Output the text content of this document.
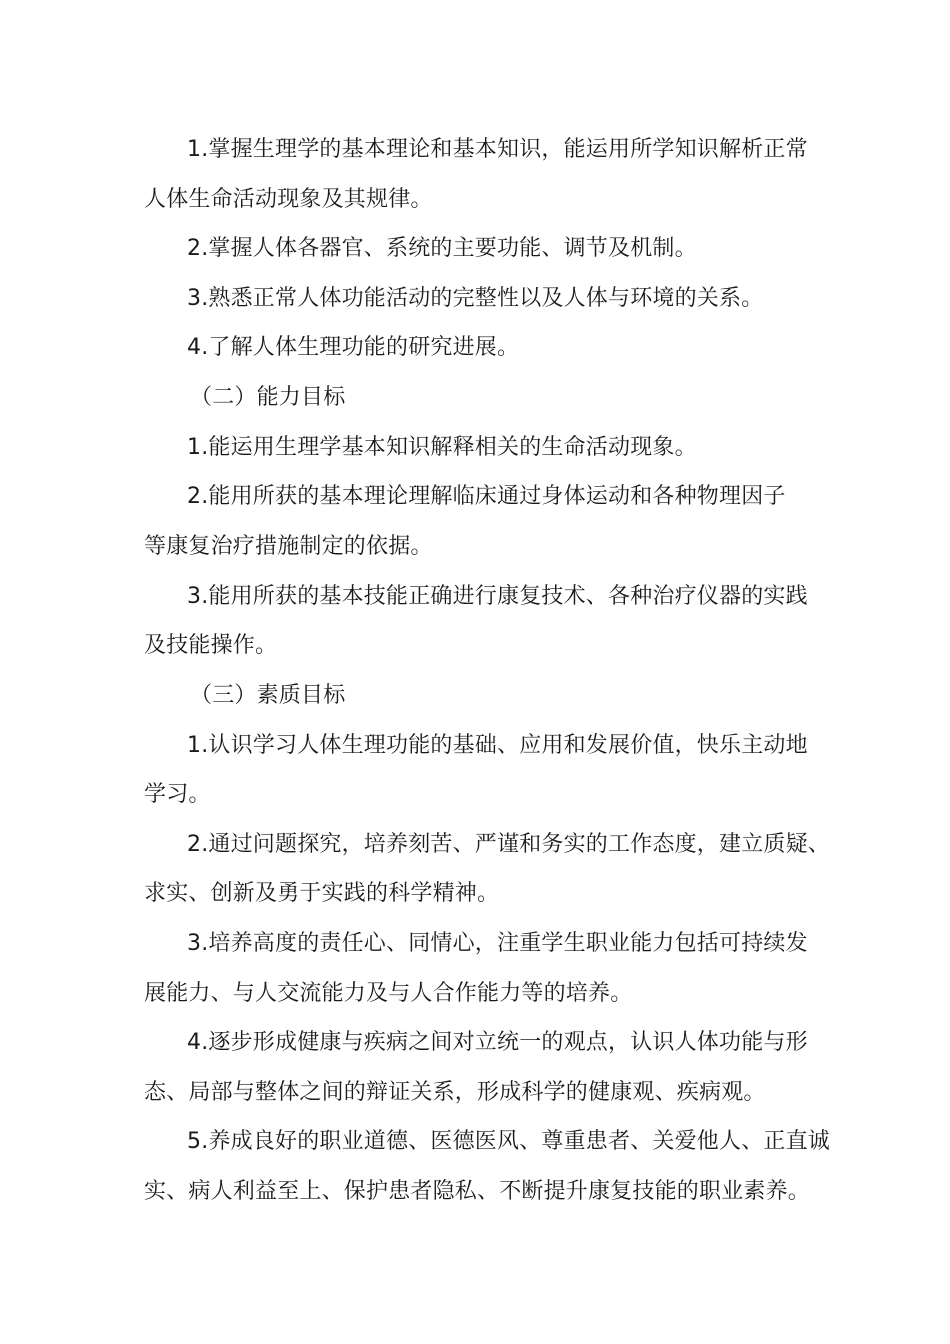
1.掌握生理学的基本理论和基本知识，能运用所学知识解析正常
人体生命活动现象及其规律。
2.掌握人体各器官、系统的主要功能、调节及机制。
3.熟悉正常人体功能活动的完整性以及人体与环境的关系。
4.了解人体生理功能的研究进展。
（二）能力目标
1.能运用生理学基本知识解释相关的生命活动现象。
2.能用所获的基本理论理解临床通过身体运动和各种物理因子
等康复治疗措施制定的依据。
3.能用所获的基本技能正确进行康复技术、各种治疗仪器的实践
及技能操作。
（三）素质目标
1.认识学习人体生理功能的基础、应用和发展价值，快乐主动地
学习。
2.通过问题探究，培养刻苦、严谨和务实的工作态度，建立质疑、
求实、创新及勇于实践的科学精神。
3.培养高度的责任心、同情心，注重学生职业能力包括可持续发
展能力、与人交流能力及与人合作能力等的培养。
4.逐步形成健康与疾病之间对立统一的观点，认识人体功能与形
态、局部与整体之间的辩证关系，形成科学的健康观、疾病观。
5.养成良好的职业道德、医德医风、尊重患者、关爱他人、正直诚
实、病人利益至上、保护患者隐私、不断提升康复技能的职业素养。
